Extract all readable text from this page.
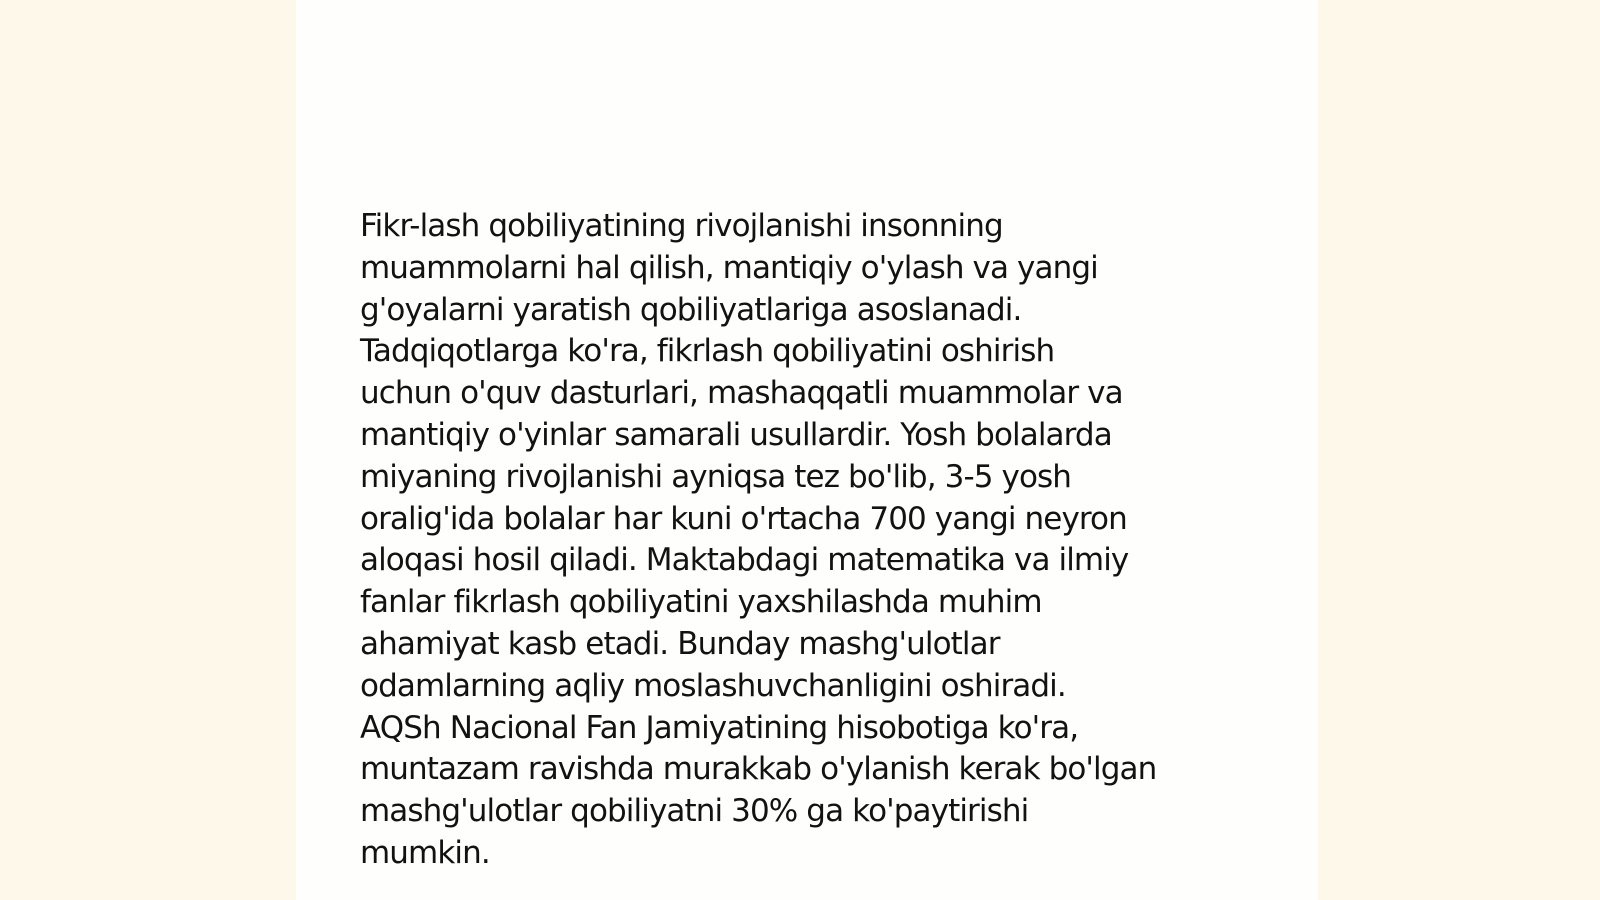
Fikr-lash qobiliyatining rivojlanishi insonning
muammolarni hal qilish, mantiqiy o'ylash va yangi
g'oyalarni yaratish qobiliyatlariga asoslanadi.
Tadqiqotlarga ko'ra, fikrlash qobiliyatini oshirish
uchun o'quv dasturlari, mashaqqatli muammolar va
mantiqiy o'yinlar samarali usullardir. Yosh bolalarda
miyaning rivojlanishi ayniqsa tez bo'lib, 3-5 yosh
oralig'ida bolalar har kuni o'rtacha 700 yangi neyron
aloqasi hosil qiladi. Maktabdagi matematika va ilmiy
fanlar fikrlash qobiliyatini yaxshilashda muhim
ahamiyat kasb etadi. Bunday mashg'ulotlar
odamlarning aqliy moslashuvchanligini oshiradi.
AQSh Nacional Fan Jamiyatining hisobotiga ko'ra,
muntazam ravishda murakkab o'ylanish kerak bo'lgan
mashg'ulotlar qobiliyatni 30% ga ko'paytirishi
mumkin.
